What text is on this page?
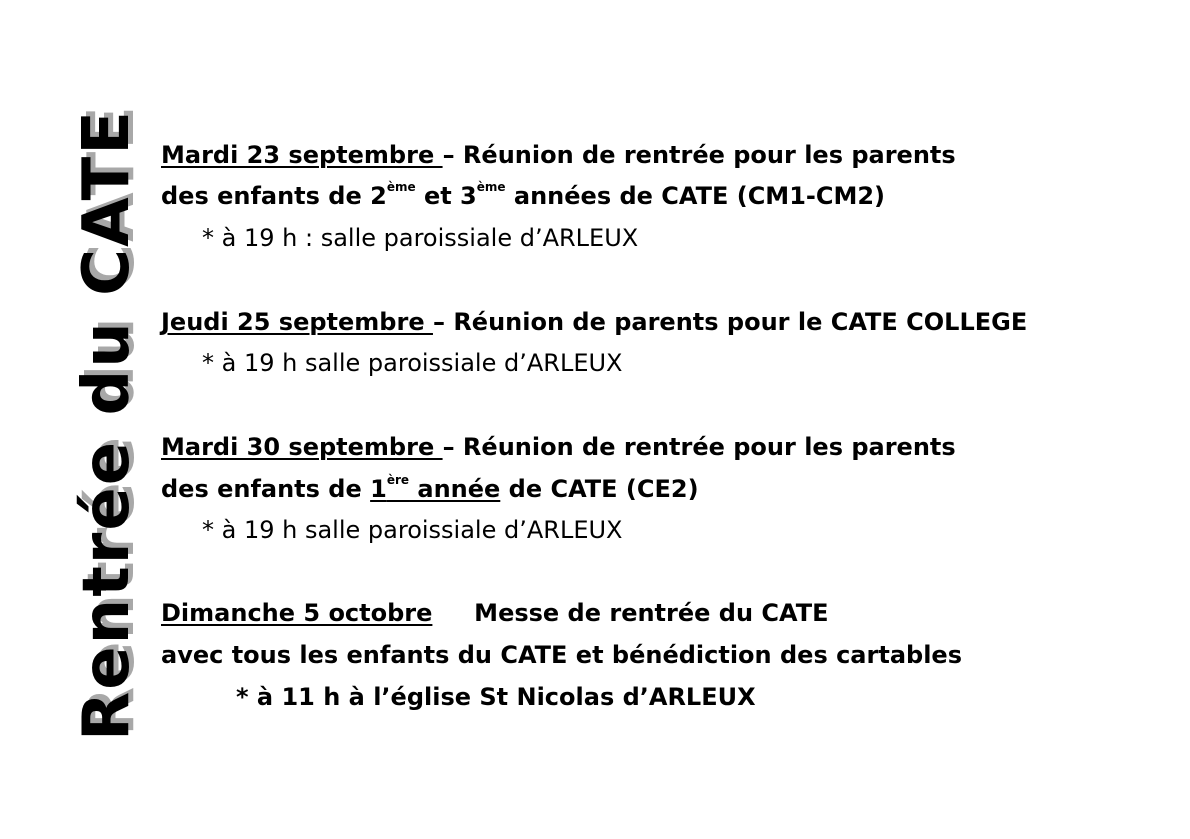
Rentrée du CATE Mardi 23 septembre – Réunion de rentrée pour les parents
des enfants de 2ème et 3ème années de CATE (CM1-CM2)
* à 19 h : salle paroissiale d’ARLEUX
Jeudi 25 septembre – Réunion de parents pour le CATE COLLEGE
* à 19 h salle paroissiale d’ARLEUX
Mardi 30 septembre – Réunion de rentrée pour les parents
des enfants de 1ère année de CATE (CE2)
* à 19 h salle paroissiale d’ARLEUX
Dimanche 5 octobre     Messe de rentrée du CATE
avec tous les enfants du CATE et bénédiction des cartables
* à 11 h à l’église St Nicolas d’ARLEUX
